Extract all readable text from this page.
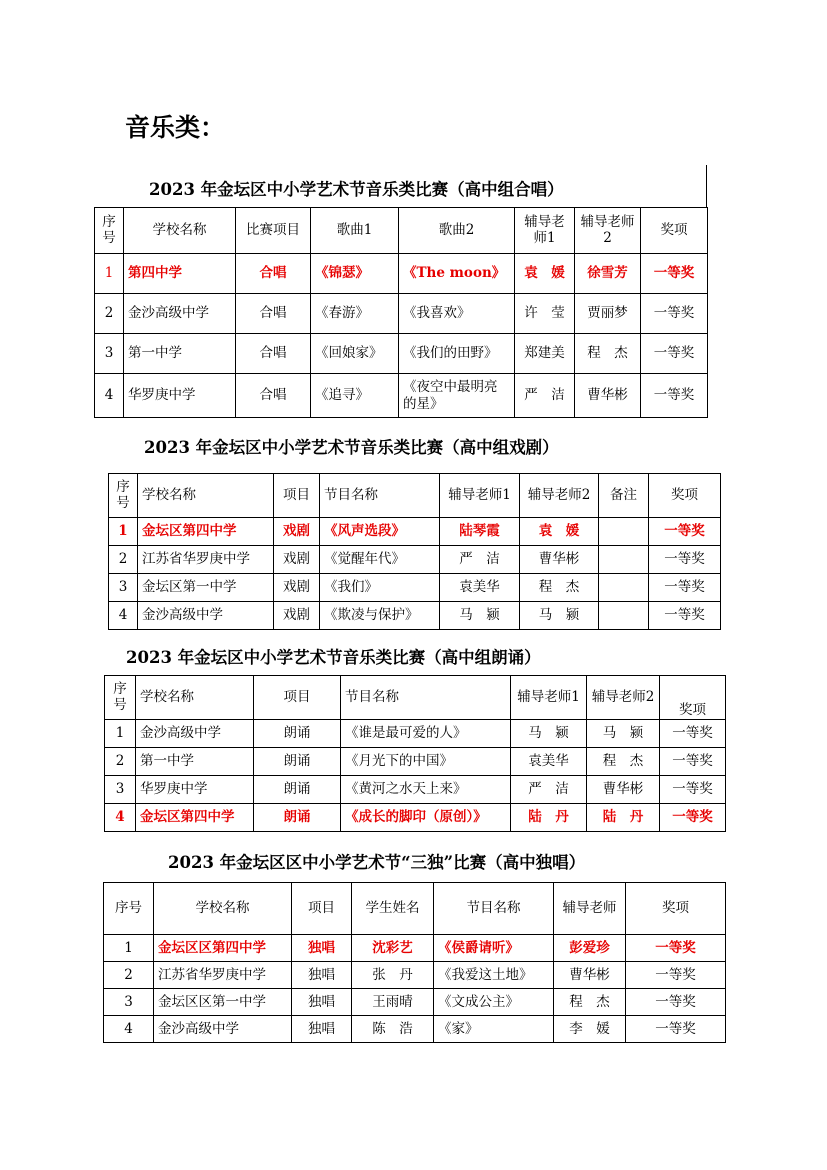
音乐类：
2023 年金坛区中小学艺术节音乐类比赛（高中组合唱）
序号	学校名称	比赛项目	歌曲1	歌曲2	辅导老师1	辅导老师2	奖项
1	第四中学	合唱	《锦瑟》	《The moon》	袁　媛	徐雪芳	一等奖
2	金沙高级中学	合唱	《春游》	《我喜欢》	许　莹	贾丽梦	一等奖
3	第一中学	合唱	《回娘家》	《我们的田野》	郑建美	程　杰	一等奖
4	华罗庚中学	合唱	《追寻》	《夜空中最明亮的星》	严　洁	曹华彬	一等奖
2023 年金坛区中小学艺术节音乐类比赛（高中组戏剧）
序号	学校名称	项目	节目名称	辅导老师1	辅导老师2	备注	奖项
1	金坛区第四中学	戏剧	《风声选段》	陆琴霞	袁　媛		一等奖
2	江苏省华罗庚中学	戏剧	《觉醒年代》	严　洁	曹华彬		一等奖
3	金坛区第一中学	戏剧	《我们》	袁美华	程　杰		一等奖
4	金沙高级中学	戏剧	《欺凌与保护》	马　颍	马　颍		一等奖
2023 年金坛区中小学艺术节音乐类比赛（高中组朗诵）
序号	学校名称	项目	节目名称	辅导老师1	辅导老师2	奖项
1	金沙高级中学	朗诵	《谁是最可爱的人》	马　颍	马　颍	一等奖
2	第一中学	朗诵	《月光下的中国》	袁美华	程　杰	一等奖
3	华罗庚中学	朗诵	《黄河之水天上来》	严　洁	曹华彬	一等奖
4	金坛区第四中学	朗诵	《成长的脚印（原创）》	陆　丹	陆　丹	一等奖
2023 年金坛区区中小学艺术节“三独”比赛（高中独唱）
序号	学校名称	项目	学生姓名	节目名称	辅导老师	奖项
1	金坛区区第四中学	独唱	沈彩艺	《侯爵请听》	彭爱珍	一等奖
2	江苏省华罗庚中学	独唱	张　丹	《我爱这土地》	曹华彬	一等奖
3	金坛区区第一中学	独唱	王雨晴	《文成公主》	程　杰	一等奖
4	金沙高级中学	独唱	陈　浩	《家》	李　媛	一等奖
